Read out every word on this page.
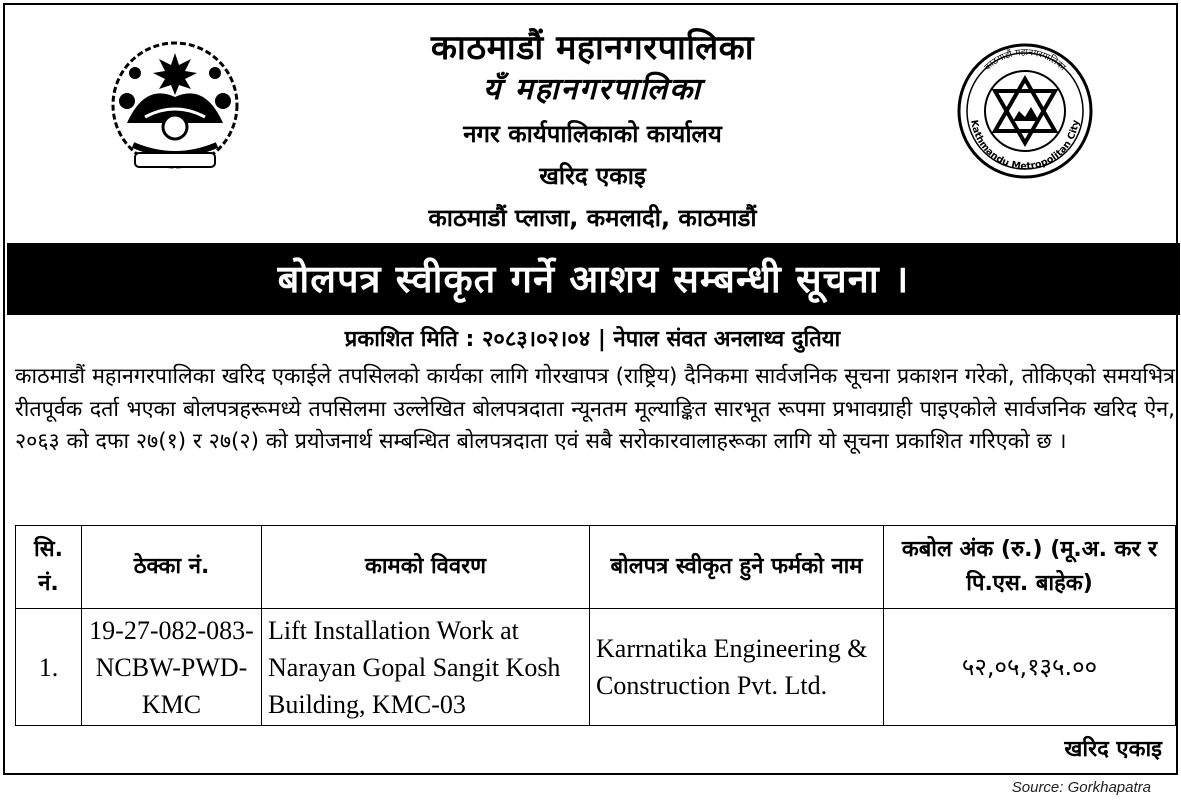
काठमाडौं महानगरपालिका
यँ महानगरपालिका
नगर कार्यपालिकाको कार्यालय
खरिद एकाइ
काठमाडौं प्लाजा, कमलादी, काठमाडौं
Kathmandu Metropolitan City
काठमाडौं महानगरपालिका
बोलपत्र स्वीकृत गर्ने आशय सम्बन्धी सूचना ।
प्रकाशित मिति : २०८३।०२।०४ | नेपाल संवत अनलाथ्व दुतिया
काठमाडौं महानगरपालिका खरिद एकाईले तपसिलको कार्यका लागि गोरखापत्र (राष्ट्रिय) दैनिकमा सार्वजनिक सूचना प्रकाशन गरेको, तोकिएको समयभित्र रीतपूर्वक दर्ता भएका बोलपत्रहरूमध्ये तपसिलमा उल्लेखित बोलपत्रदाता न्यूनतम मूल्याङ्कित सारभूत रूपमा प्रभावग्राही पाइएकोले सार्वजनिक खरिद ऐन, २०६३ को दफा २७(१) र २७(२) को प्रयोजनार्थ सम्बन्धित बोलपत्रदाता एवं सबै सरोकारवालाहरूका लागि यो सूचना प्रकाशित गरिएको छ ।
सि. नं.	ठेक्का नं.	कामको विवरण	बोलपत्र स्वीकृत हुने फर्मको नाम	कबोल अंक (रु.) (मू.अ. कर र पि.एस. बाहेक)
1.	19-27-082-083-NCBW-PWD-KMC	Lift Installation Work at Narayan Gopal Sangit Kosh Building, KMC-03	Karrnatika Engineering & Construction Pvt. Ltd.	५२,०५,१३५.००
खरिद एकाइ
Source: Gorkhapatra
